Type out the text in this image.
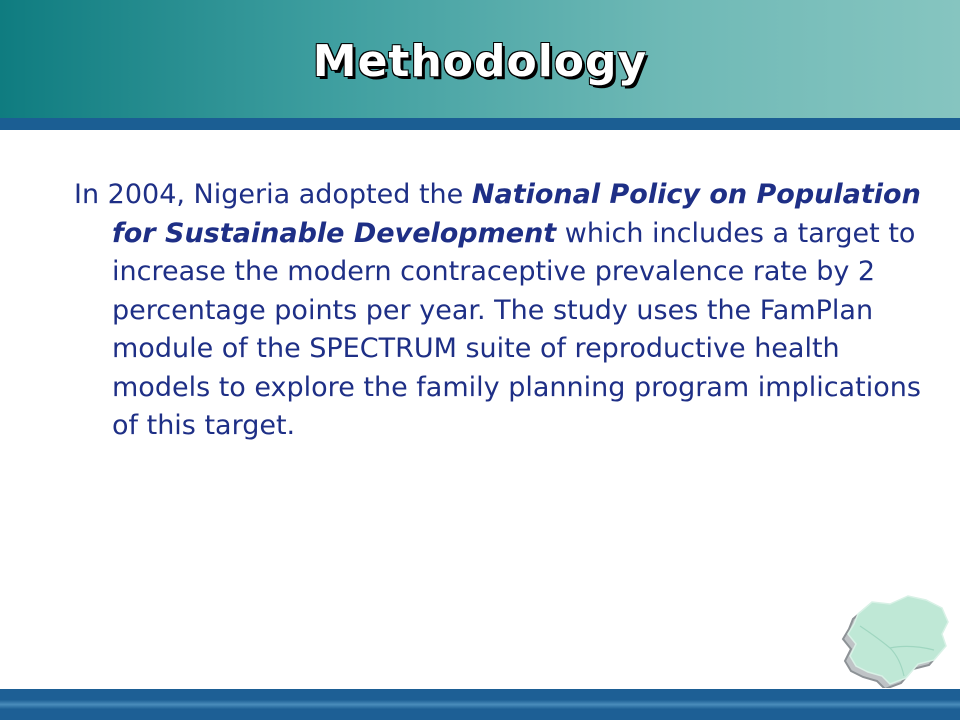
Methodology

In 2004, Nigeria adopted the National Policy on Population for Sustainable Development which includes a target to increase the modern contraceptive prevalence rate by 2 percentage points per year. The study uses the FamPlan module of the SPECTRUM suite of reproductive health models to explore the family planning program implications of this target.
